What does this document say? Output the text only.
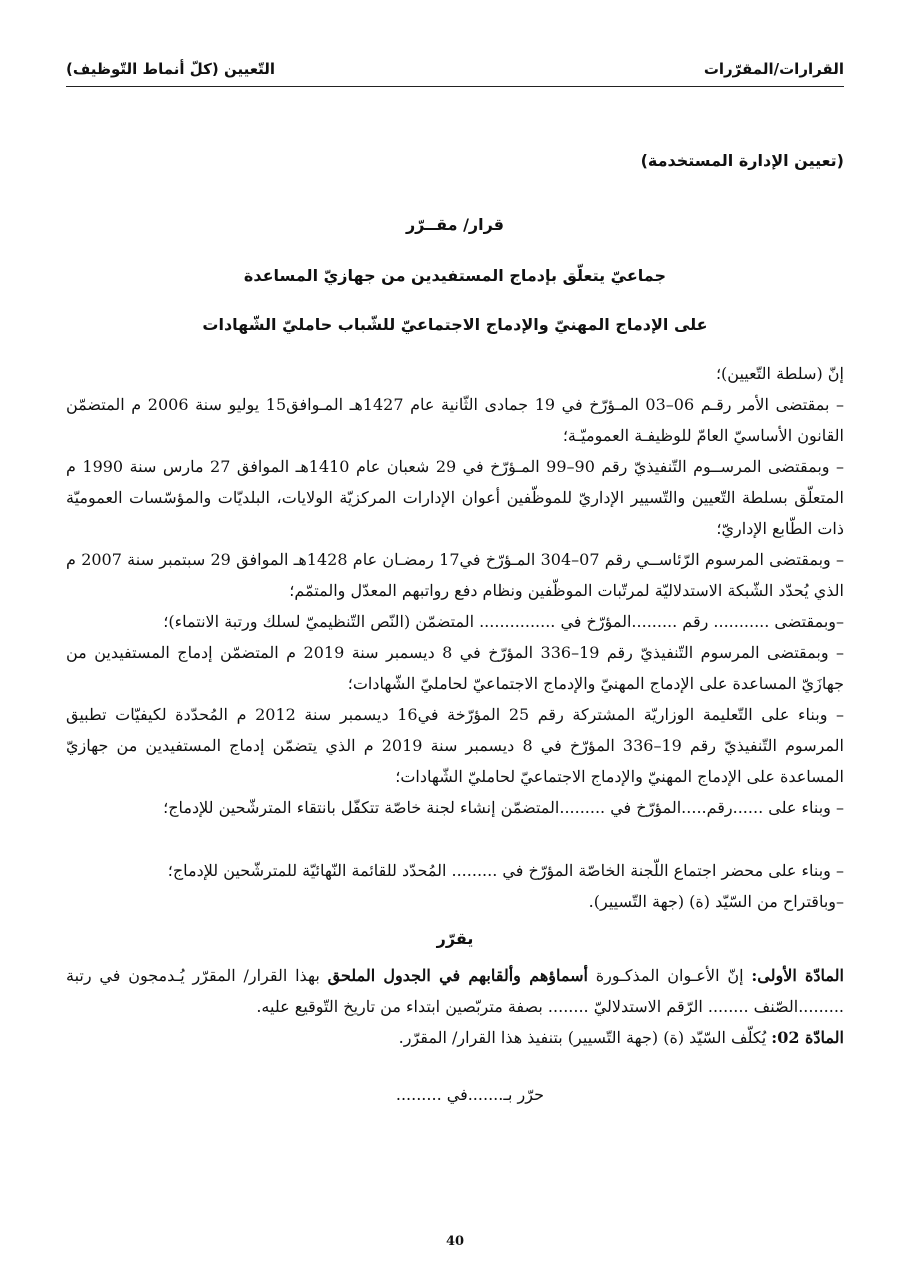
القرارات/المقرّرات
التّعيين (كلّ أنماط التّوظيف)
(تعيين الإدارة المستخدمة)
قرار/ مقــرّر
جماعيّ يتعلّق بإدماج المستفيدين من جهازيّ المساعدة
على الإدماج المهنيّ والإدماج الاجتماعيّ للشّباب حامليّ الشّهادات

إنّ (سلطة التّعيين)؛

– بمقتضى الأمر رقـم 06–03 المـؤرّخ في 19 جمادى الثّانية عام 1427هـ المـوافق15 يوليو سنة 2006 م المتضمّن القانون الأساسيّ العامّ للوظيفـة العموميّـة؛

– وبمقتضى المرســوم التّنفيذيّ رقم 90–99 المـؤرّخ في 29 شعبان عام 1410هـ الموافق 27 مارس سنة 1990 م المتعلّق بسلطة التّعيين والتّسيير الإداريّ للموظّفين أعوان الإدارات المركزيّة الولايات، البلديّات والمؤسّسات العموميّة ذات الطّابع الإداريّ؛

– وبمقتضى المرسوم الرّئاســي رقم 07–304 المـؤرّخ في17 رمضـان عام 1428هـ الموافق 29 سبتمبر سنة 2007 م الذي يُحدّد الشّبكة الاستدلاليّة لمرتّبات الموظّفين ونظام دفع رواتبهم المعدّل والمتمّم؛

–وبمقتضى ........... رقم .........المؤرّخ في ............... المتضمّن (النّص التّنظيميّ لسلك ورتبة الانتماء)؛

– وبمقتضى المرسوم التّنفيذيّ رقم 19–336 المؤرّخ في 8 ديسمبر سنة 2019 م المتضمّن إدماج المستفيدين من جهازَيّ المساعدة على الإدماج المهنيّ والإدماج الاجتماعيّ لحامليّ الشّهادات؛

– وبناء على التّعليمة الوزاريّة المشتركة رقم 25 المؤرّخة في16 ديسمبر سنة 2012 م المُحدّدة لكيفيّات تطبيق المرسوم التّنفيذيّ رقم 19–336 المؤرّخ في 8 ديسمبر سنة 2019 م الذي يتضمّن إدماج المستفيدين من جهازيّ المساعدة على الإدماج المهنيّ والإدماج الاجتماعيّ لحامليّ الشّهادات؛

– وبناء على ......رقم.....المؤرّخ في .........المتضمّن إنشاء لجنة خاصّة تتكفّل بانتقاء المترشّحين للإدماج؛

– وبناء على محضر اجتماع اللّجنة الخاصّة المؤرّخ في ......... المُحدّد للقائمة النّهائيّة للمترشّحين للإدماج؛

–وباقتراح من السّيّد (ة) (جهة التّسيير).

يقرّر

المادّة الأولى: إنّ الأعـوان المذكـورة أسماؤهم وألقابهم في الجدول الملحق بهذا القرار/ المقرّر يُـدمجون في رتبة .........الصّنف ........ الرّقم الاستدلاليّ ........ بصفة متربّصين ابتداء من تاريخ التّوقيع عليه.

المادّة 02: يُكلّف السّيّد (ة) (جهة التّسيير) بتنفيذ هذا القرار/ المقرّر.

حرّر بـ.......في .........

40
